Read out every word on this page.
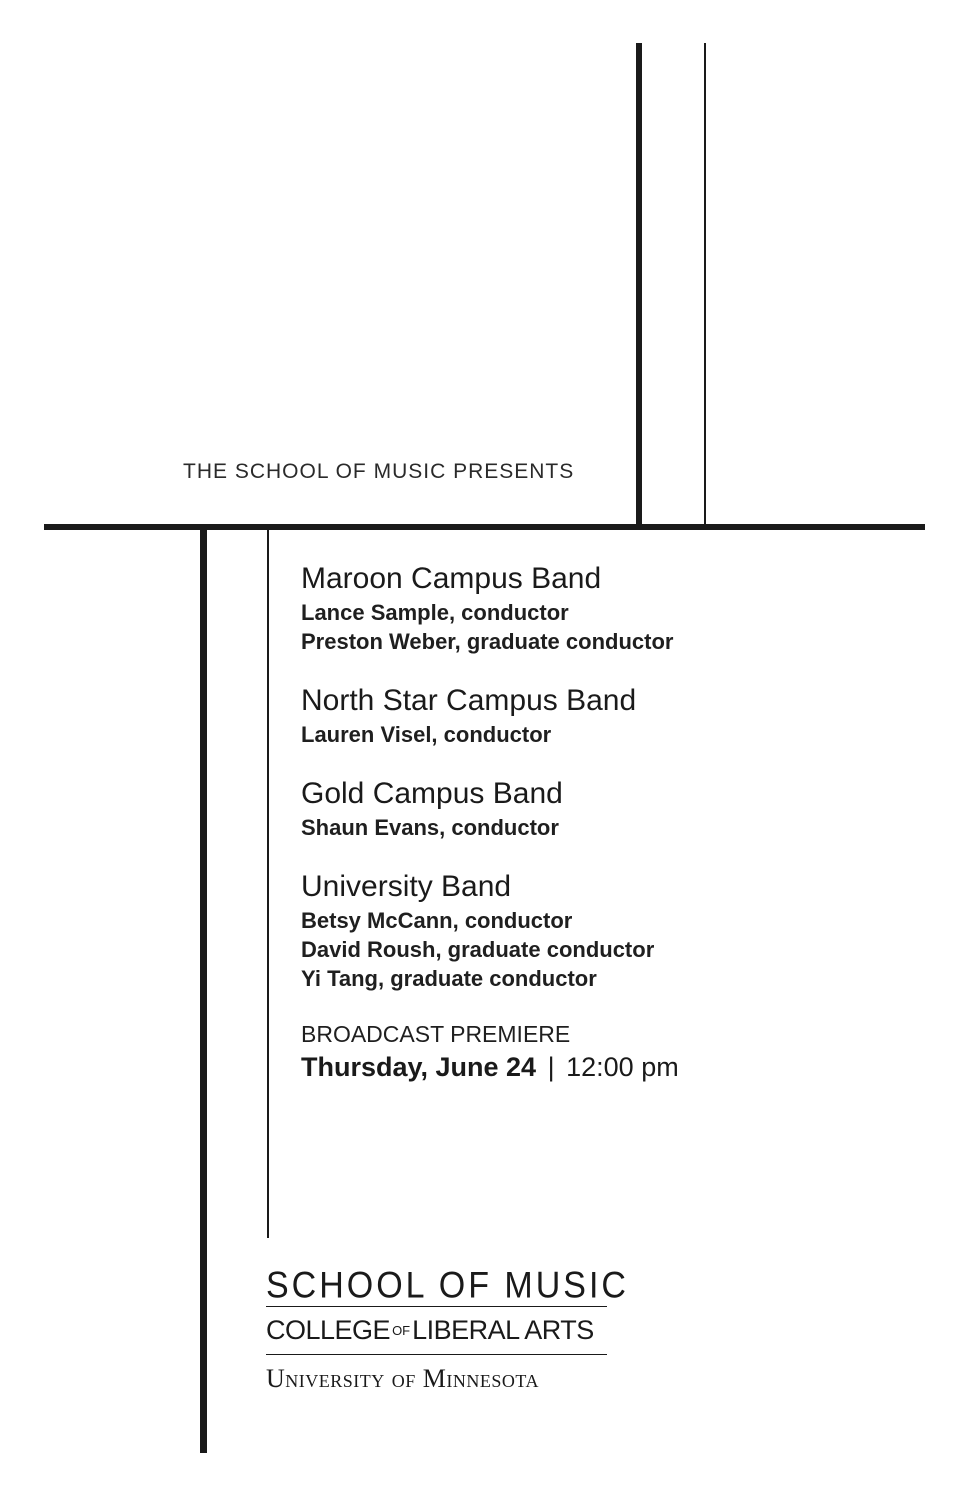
THE SCHOOL OF MUSIC PRESENTS
Maroon Campus Band
Lance Sample, conductor
Preston Weber, graduate conductor
North Star Campus Band
Lauren Visel, conductor
Gold Campus Band
Shaun Evans, conductor
University Band
Betsy McCann, conductor
David Roush, graduate conductor
Yi Tang, graduate conductor
BROADCAST PREMIERE
Thursday, June 24 | 12:00 pm
SCHOOL OF MUSIC
COLLEGE OFLIBERAL ARTS
University of Minnesota
